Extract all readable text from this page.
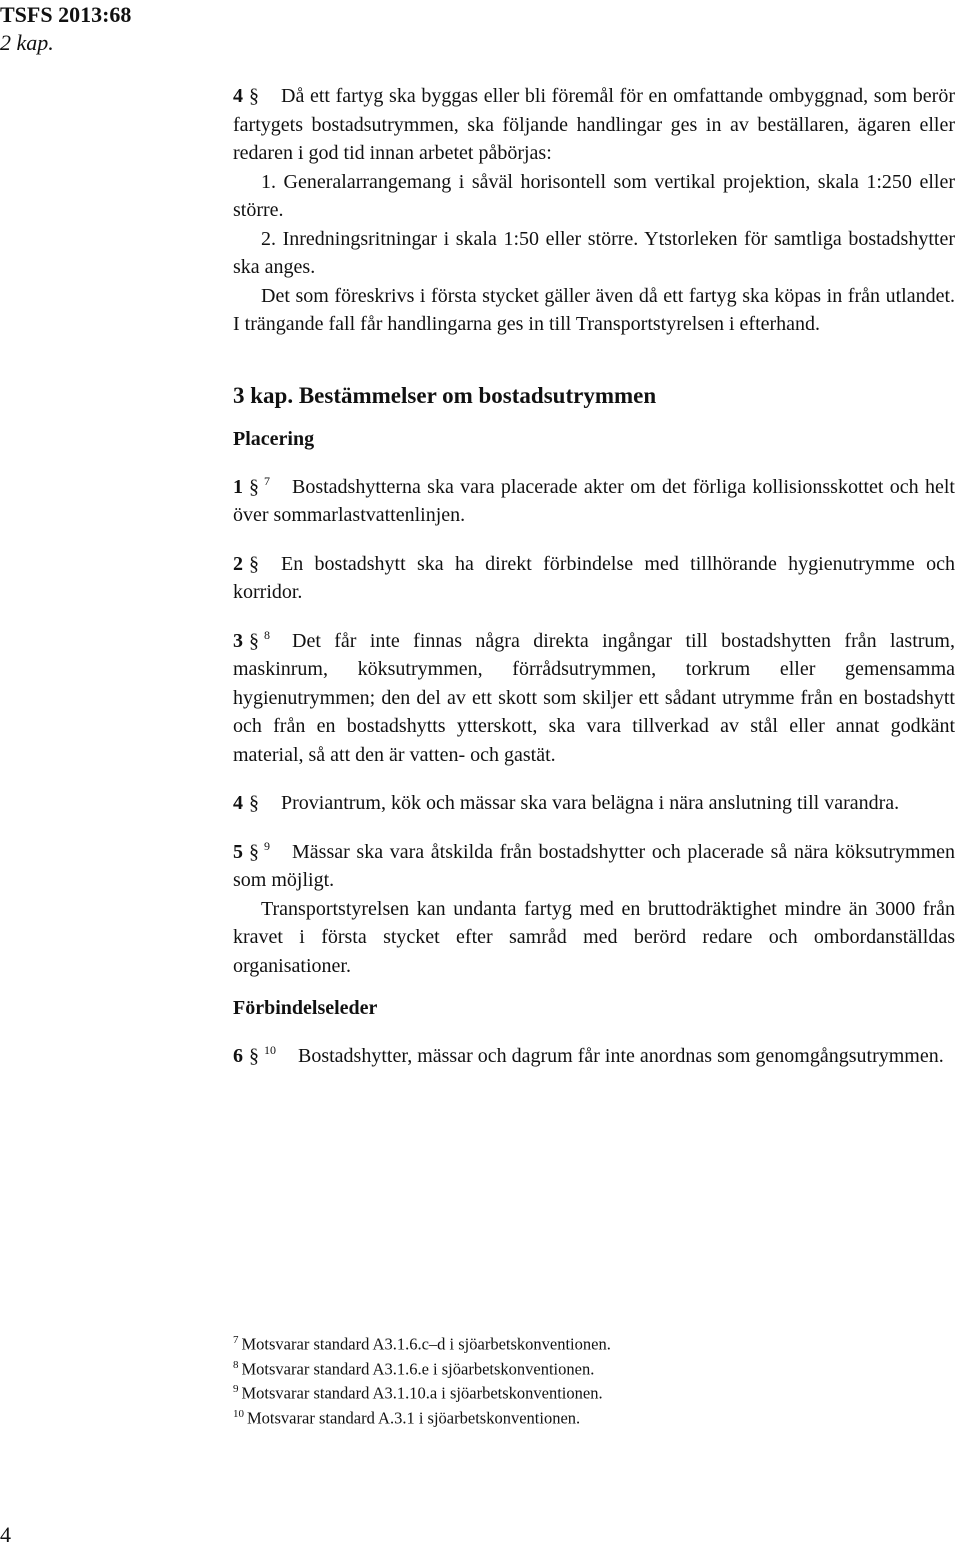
TSFS 2013:68
2 kap.

4 § Då ett fartyg ska byggas eller bli föremål för en omfattande ombyggnad, som berör fartygets bostadsutrymmen, ska följande handlingar ges in av beställaren, ägaren eller redaren i god tid innan arbetet påbörjas:

1. Generalarrangemang i såväl horisontell som vertikal projektion, skala 1:250 eller större.

2. Inredningsritningar i skala 1:50 eller större. Ytstorleken för samtliga bostadshytter ska anges.

Det som föreskrivs i första stycket gäller även då ett fartyg ska köpas in från utlandet. I trängande fall får handlingarna ges in till Transportstyrelsen i efterhand.

3 kap. Bestämmelser om bostadsutrymmen
Placering

1 § $^7$ Bostadshytterna ska vara placerade akter om det förliga kollisionsskottet och helt över sommarlastvattenlinjen.

2 § En bostadshytt ska ha direkt förbindelse med tillhörande hygienutrymme och korridor.

3 § $^8$ Det får inte finnas några direkta ingångar till bostadshytten från lastrum, maskinrum, köksutrymmen, förrådsutrymmen, torkrum eller gemensamma hygienutrymmen; den del av ett skott som skiljer ett sådant utrymme från en bostadshytt och från en bostadshytts ytterskott, ska vara tillverkad av stål eller annat godkänt material, så att den är vatten- och gastät.

4 § Proviantrum, kök och mässar ska vara belägna i nära anslutning till varandra.

5 § $^9$ Mässar ska vara åtskilda från bostadshytter och placerade så nära köksutrymmen som möjligt.

Transportstyrelsen kan undanta fartyg med en bruttodräktighet mindre än 3000 från kravet i första stycket efter samråd med berörd redare och ombordanställdas organisationer.

Förbindelseleder

6 § $^{10}$ Bostadshytter, mässar och dagrum får inte anordnas som genomgångsutrymmen.

$^7$ Motsvarar standard A3.1.6.c–d i sjöarbetskonventionen.
$^8$ Motsvarar standard A3.1.6.e i sjöarbetskonventionen.
$^9$ Motsvarar standard A3.1.10.a i sjöarbetskonventionen.
$^{10}$ Motsvarar standard A.3.1 i sjöarbetskonventionen.
4
